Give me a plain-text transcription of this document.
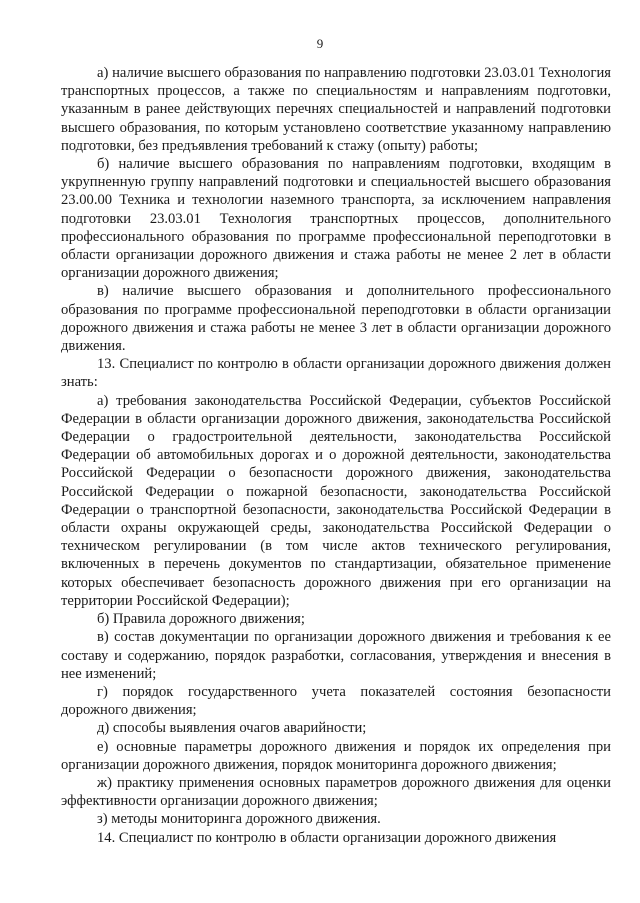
9

а) наличие высшего образования по направлению подготовки 23.03.01 Технология транспортных процессов, а также по специальностям и направлениям подготовки, указанным в ранее действующих перечнях специальностей и направлений подготовки высшего образования, по которым установлено соответствие указанному направлению подготовки, без предъявления требований к стажу (опыту) работы;

б) наличие высшего образования по направлениям подготовки, входящим в укрупненную группу направлений подготовки и специальностей высшего образования 23.00.00 Техника и технологии наземного транспорта, за исключением направления подготовки 23.03.01 Технология транспортных процессов, дополнительного профессионального образования по программе профессиональной переподготовки в области организации дорожного движения и стажа работы не менее 2 лет в области организации дорожного движения;

в) наличие высшего образования и дополнительного профессионального образования по программе профессиональной переподготовки в области организации дорожного движения и стажа работы не менее 3 лет в области организации дорожного движения.

13. Специалист по контролю в области организации дорожного движения должен знать:

а) требования законодательства Российской Федерации, субъектов Российской Федерации в области организации дорожного движения, законодательства Российской Федерации о градостроительной деятельности, законодательства Российской Федерации об автомобильных дорогах и о дорожной деятельности, законодательства Российской Федерации о безопасности дорожного движения, законодательства Российской Федерации о пожарной безопасности, законодательства Российской Федерации о транспортной безопасности, законодательства Российской Федерации в области охраны окружающей среды, законодательства Российской Федерации о техническом регулировании (в том числе актов технического регулирования, включенных в перечень документов по стандартизации, обязательное применение которых обеспечивает безопасность дорожного движения при его организации на территории Российской Федерации);

б) Правила дорожного движения;

в) состав документации по организации дорожного движения и требования к ее составу и содержанию, порядок разработки, согласования, утверждения и внесения в нее изменений;

г) порядок государственного учета показателей состояния безопасности дорожного движения;

д) способы выявления очагов аварийности;

е) основные параметры дорожного движения и порядок их определения при организации дорожного движения, порядок мониторинга дорожного движения;

ж) практику применения основных параметров дорожного движения для оценки эффективности организации дорожного движения;

з) методы мониторинга дорожного движения.

14. Специалист по контролю в области организации дорожного движения
